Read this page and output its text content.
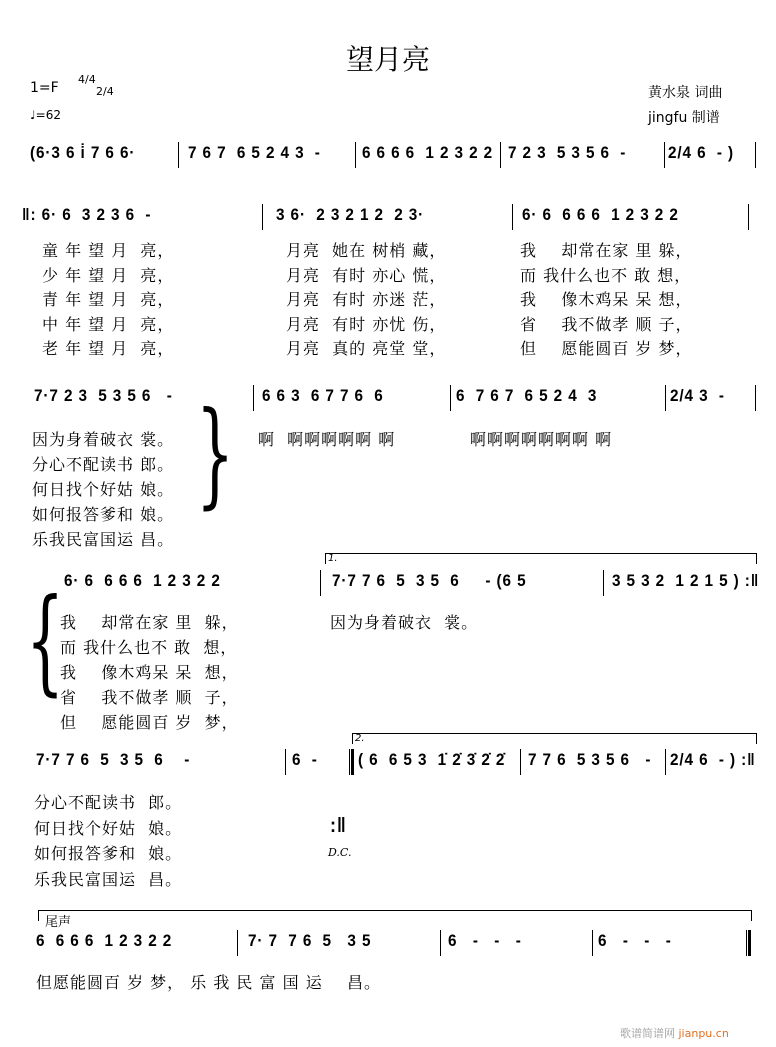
望月亮
1=F
4/4
2/4
♩=62
黄水泉 词曲
jingfu 制谱
(6·3 6 i̇ 7 6 6·	7 6 7  6 5 2 4 3  - 6 6 6 6  1 2 3 2 2 7 2 3  5 3 5 6  - 2/4 6  - )
‖: 6· 6  3 2 3 6  -	3 6·  2 3 2 1 2  2 3·	6· 6  6 6 6  1 2 3 2 2
童 年 望 月  亮，	月亮  她在 树梢 藏，	我    却常在家 里 躲，
少 年 望 月  亮，	月亮  有时 亦心 慌，	而 我什么也不 敢 想，
青 年 望 月  亮，	月亮  有时 亦迷 茫，	我    像木鸡呆 呆 想，
中 年 望 月  亮，	月亮  有时 亦忧 伤，	省    我不做孝 顺 子，
老 年 望 月  亮，	月亮  真的 亮堂 堂，	但    愿能圆百 岁 梦，
7·7 2 3  5 3 5 6   -	6 6 3  6 7 7 6  6	6  7 6 7  6 5 2 4  3	2/4 3  -
啊  啊啊啊啊啊 啊	啊啊啊啊啊啊啊 啊
}
因为身着破衣 裳。
分心不配读书 郎。
何日找个好姑 娘。
如何报答爹和 娘。
乐我民富国运 昌。
1.
6· 6  6 6 6  1 2 3 2 2	7·7 7 6  5  3 5  6     - (6 5	3 5 3 2  1 2 1 5 ) :‖
{	因为身着破衣  裳。
我    却常在家 里  躲，
而 我什么也不 敢  想，
我    像木鸡呆 呆  想，
省    我不做孝 顺  子，
但    愿能圆百 岁  梦，
2.
7·7 7 6  5  3 5  6    -	6  - ( 6  6 5 3  1̇ 2̇ 3̇ 2̇ 2̇ 7 7 6  5 3 5 6   - 2/4 6  - ) :‖
:‖
D.C.
分心不配读书  郎。
何日找个好姑  娘。
如何报答爹和  娘。
乐我民富国运  昌。
尾声
6  6 6 6  1 2 3 2 2	7· 7  7 6  5   3 5	6   -   -   -	6   -   -   -
但愿能圆百 岁 梦， 乐 我 民 富 国 运    昌。
歌谱简谱网 jianpu.cn
